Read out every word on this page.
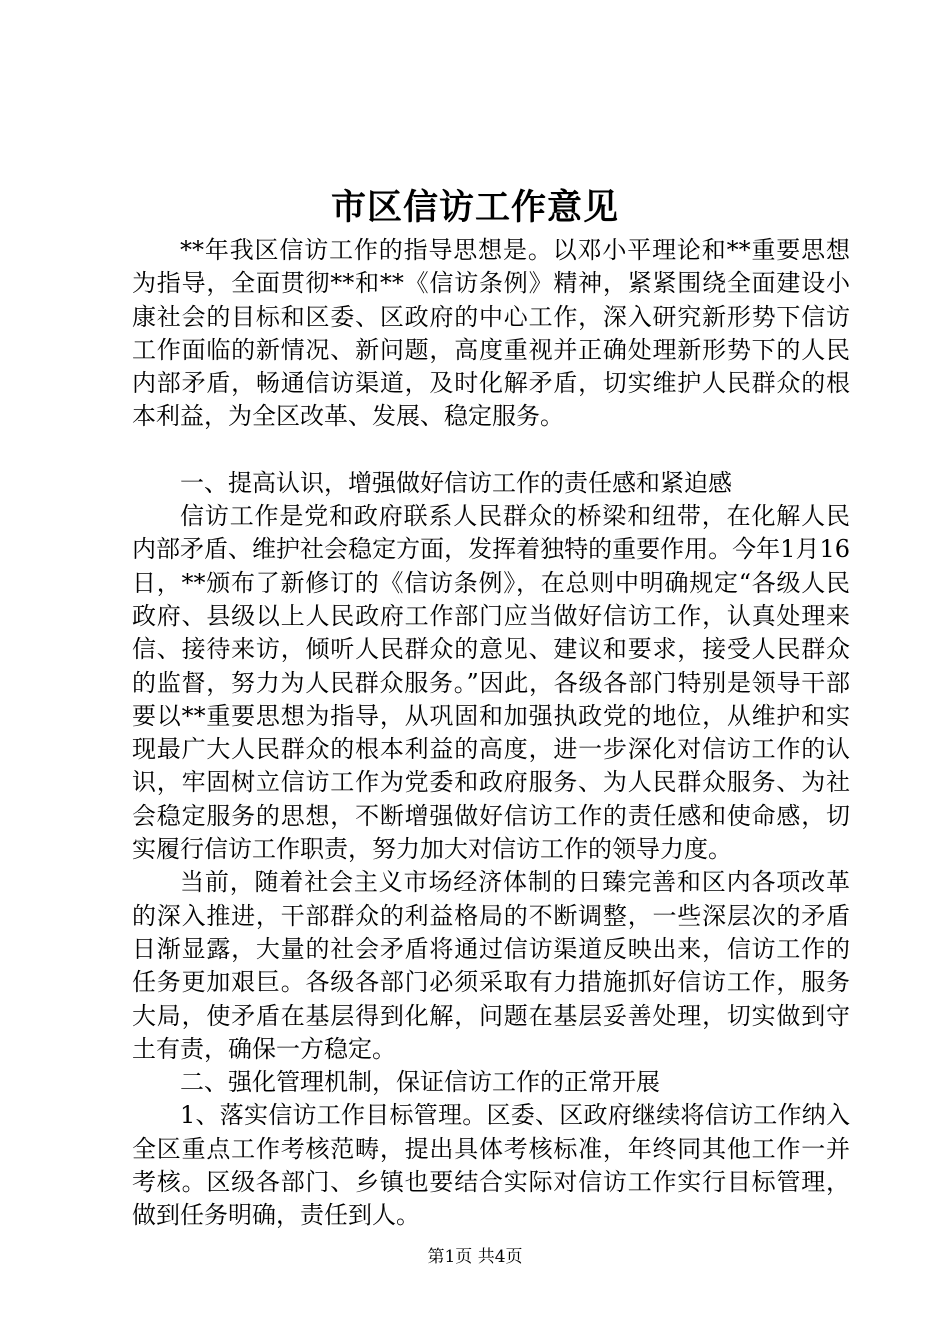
市区信访工作意见

**年我区信访工作的指导思想是。以邓小平理论和**重要思想为指导，全面贯彻**和**《信访条例》精神，紧紧围绕全面建设小康社会的目标和区委、区政府的中心工作，深入研究新形势下信访工作面临的新情况、新问题，高度重视并正确处理新形势下的人民内部矛盾，畅通信访渠道，及时化解矛盾，切实维护人民群众的根本利益，为全区改革、发展、稳定服务。

一、提高认识，增强做好信访工作的责任感和紧迫感

信访工作是党和政府联系人民群众的桥梁和纽带，在化解人民内部矛盾、维护社会稳定方面，发挥着独特的重要作用。今年1月16日，**颁布了新修订的《信访条例》，在总则中明确规定“各级人民政府、县级以上人民政府工作部门应当做好信访工作，认真处理来信、接待来访，倾听人民群众的意见、建议和要求，接受人民群众的监督，努力为人民群众服务。”因此，各级各部门特别是领导干部要以**重要思想为指导，从巩固和加强执政党的地位，从维护和实现最广大人民群众的根本利益的高度，进一步深化对信访工作的认识，牢固树立信访工作为党委和政府服务、为人民群众服务、为社会稳定服务的思想，不断增强做好信访工作的责任感和使命感，切实履行信访工作职责，努力加大对信访工作的领导力度。

当前，随着社会主义市场经济体制的日臻完善和区内各项改革的深入推进，干部群众的利益格局的不断调整，一些深层次的矛盾日渐显露，大量的社会矛盾将通过信访渠道反映出来，信访工作的任务更加艰巨。各级各部门必须采取有力措施抓好信访工作，服务大局，使矛盾在基层得到化解，问题在基层妥善处理，切实做到守土有责，确保一方稳定。

二、强化管理机制，保证信访工作的正常开展

1、落实信访工作目标管理。区委、区政府继续将信访工作纳入全区重点工作考核范畴，提出具体考核标准，年终同其他工作一并考核。区级各部门、乡镇也要结合实际对信访工作实行目标管理，做到任务明确，责任到人。

第1页 共4页
